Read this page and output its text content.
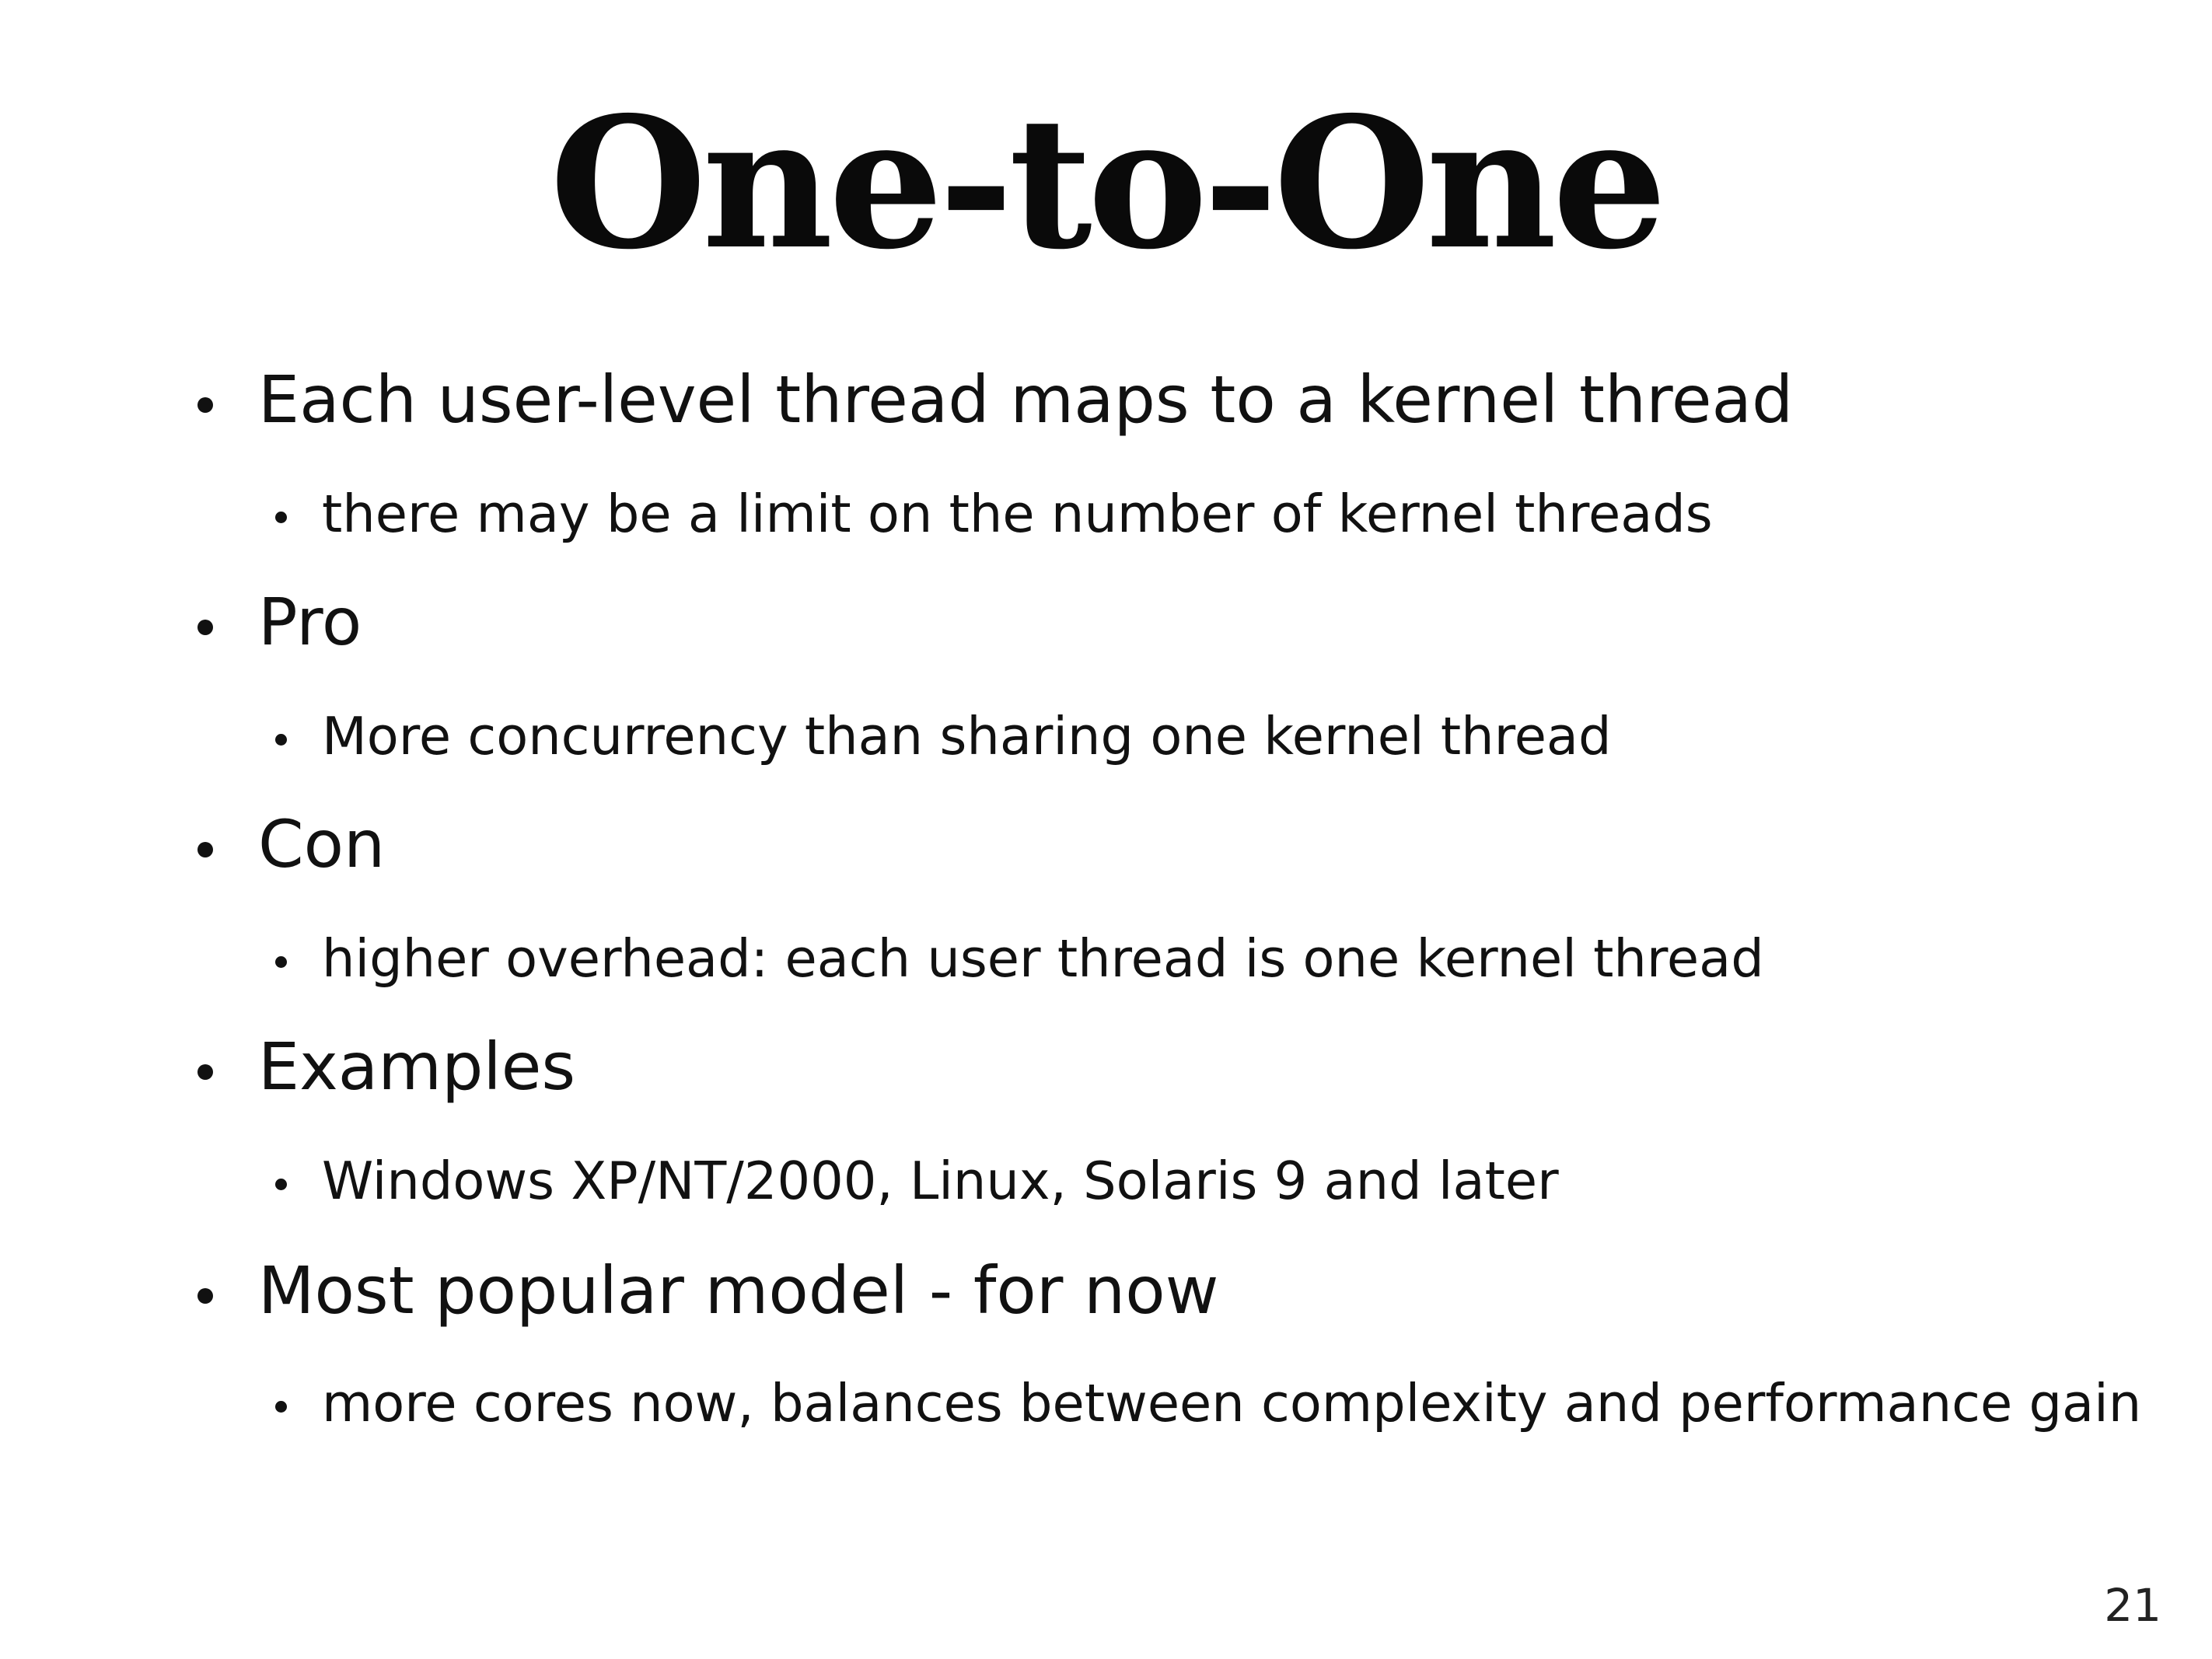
One-to-One
Each user-level thread maps to a kernel thread
there may be a limit on the number of kernel threads
Pro
More concurrency than sharing one kernel thread
Con
higher overhead: each user thread is one kernel thread
Examples
Windows XP/NT/2000, Linux, Solaris 9 and later
Most popular model - for now
more cores now, balances between complexity and performance gain
21
